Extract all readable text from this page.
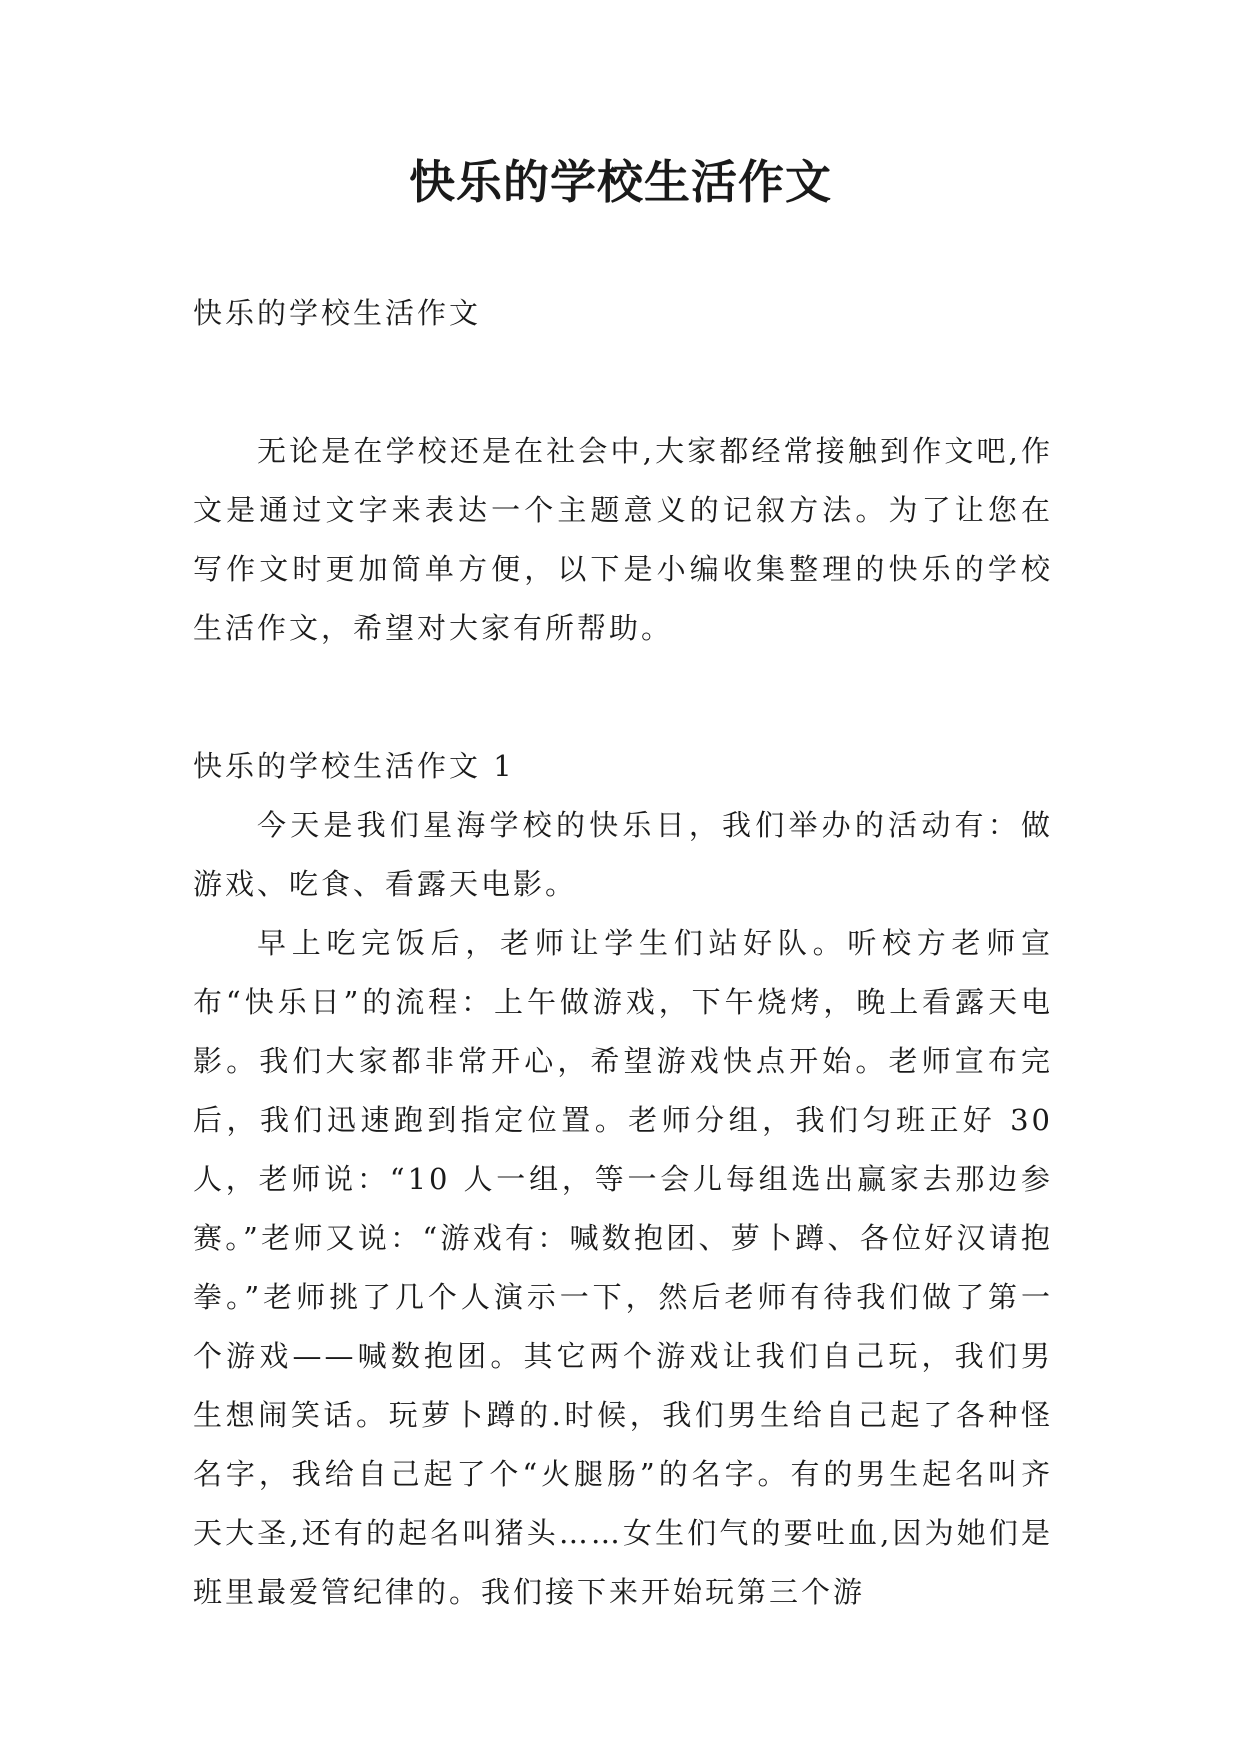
快乐的学校生活作文

快乐的学校生活作文

无论是在学校还是在社会中,大家都经常接触到作文吧,作文是通过文字来表达一个主题意义的记叙方法。为了让您在写作文时更加简单方便，以下是小编收集整理的快乐的学校生活作文，希望对大家有所帮助。

快乐的学校生活作文 1

今天是我们星海学校的快乐日，我们举办的活动有：做游戏、吃食、看露天电影。

早上吃完饭后，老师让学生们站好队。听校方老师宣布“快乐日”的流程：上午做游戏，下午烧烤，晚上看露天电影。我们大家都非常开心，希望游戏快点开始。老师宣布完后，我们迅速跑到指定位置。老师分组，我们匀班正好 30 人，老师说：“10 人一组，等一会儿每组选出赢家去那边参赛。”老师又说：“游戏有：喊数抱团、萝卜蹲、各位好汉请抱拳。”老师挑了几个人演示一下，然后老师有待我们做了第一个游戏——喊数抱团。其它两个游戏让我们自己玩，我们男生想闹笑话。玩萝卜蹲的.时候，我们男生给自己起了各种怪名字，我给自己起了个“火腿肠”的名字。有的男生起名叫齐天大圣,还有的起名叫猪头……女生们气的要吐血,因为她们是班里最爱管纪律的。我们接下来开始玩第三个游
